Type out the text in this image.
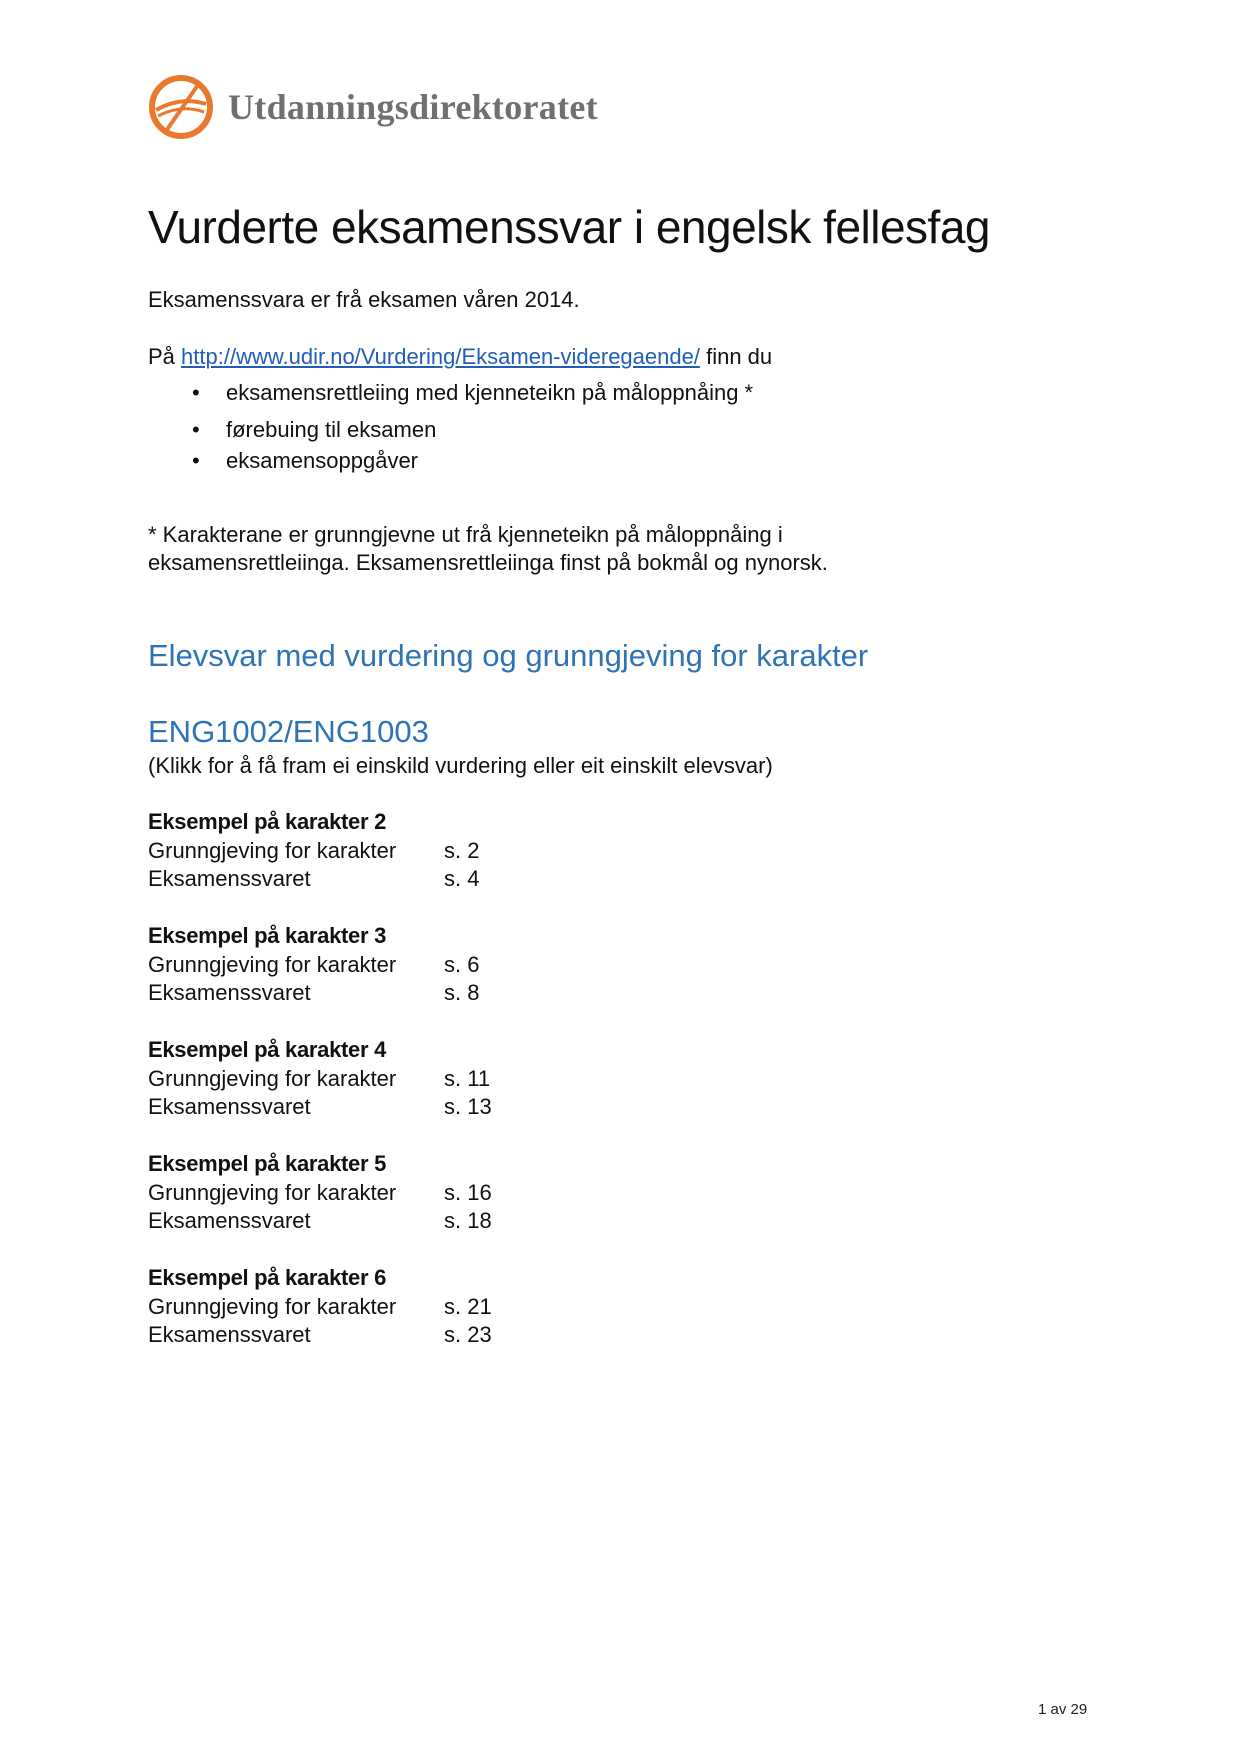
Utdanningsdirektoratet
Vurderte eksamenssvar i engelsk fellesfag

Eksamenssvara er frå eksamen våren 2014.

På http://www.udir.no/Vurdering/Eksamen-videregaende/ finn du

• eksamensrettleiing med kjenneteikn på måloppnåing *
• førebuing til eksamen
• eksamensoppgåver

* Karakterane er grunngjevne ut frå kjenneteikn på måloppnåing i

eksamensrettleiinga. Eksamensrettleiinga finst på bokmål og nynorsk.

Elevsvar med vurdering og grunngjeving for karakter
ENG1002/ENG1003

(Klikk for å få fram ei einskild vurdering eller eit einskilt elevsvar)

Eksempel på karakter 2
Grunngjeving for karakter	s. 2
Eksamenssvaret	s. 4
Eksempel på karakter 3
Grunngjeving for karakter	s. 6
Eksamenssvaret	s. 8
Eksempel på karakter 4
Grunngjeving for karakter	s. 11
Eksamenssvaret	s. 13
Eksempel på karakter 5
Grunngjeving for karakter	s. 16
Eksamenssvaret	s. 18
Eksempel på karakter 6
Grunngjeving for karakter	s. 21
Eksamenssvaret	s. 23
1 av 29
